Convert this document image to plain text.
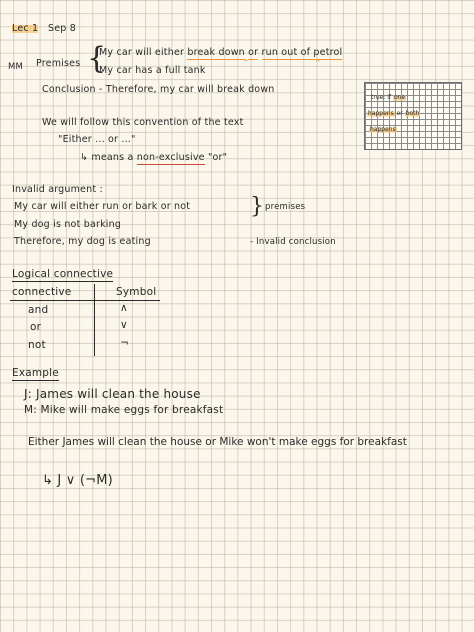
Lec 1 Sep 8
MM Premises {
My car will either break down or run out of petrol
^	^
My car has a full tank
Conclusion - Therefore, my car will break down
true: if one
happens or both
happens
We will follow this convention of the text
"Either ... or ..."
↳ means a non-exclusive "or"
Invalid argument :
My car will either run or bark or not
My dog is not barking
} premises
Therefore, my dog is eating	- Invalid conclusion
Logical connective
connective	Symbol
and	∧
or	∨
not	¬
Example
J: James will clean the house
M: Mike will make eggs for breakfast
Either James will clean the house or Mike won't make eggs for breakfast
↳ J ∨ (¬M)
